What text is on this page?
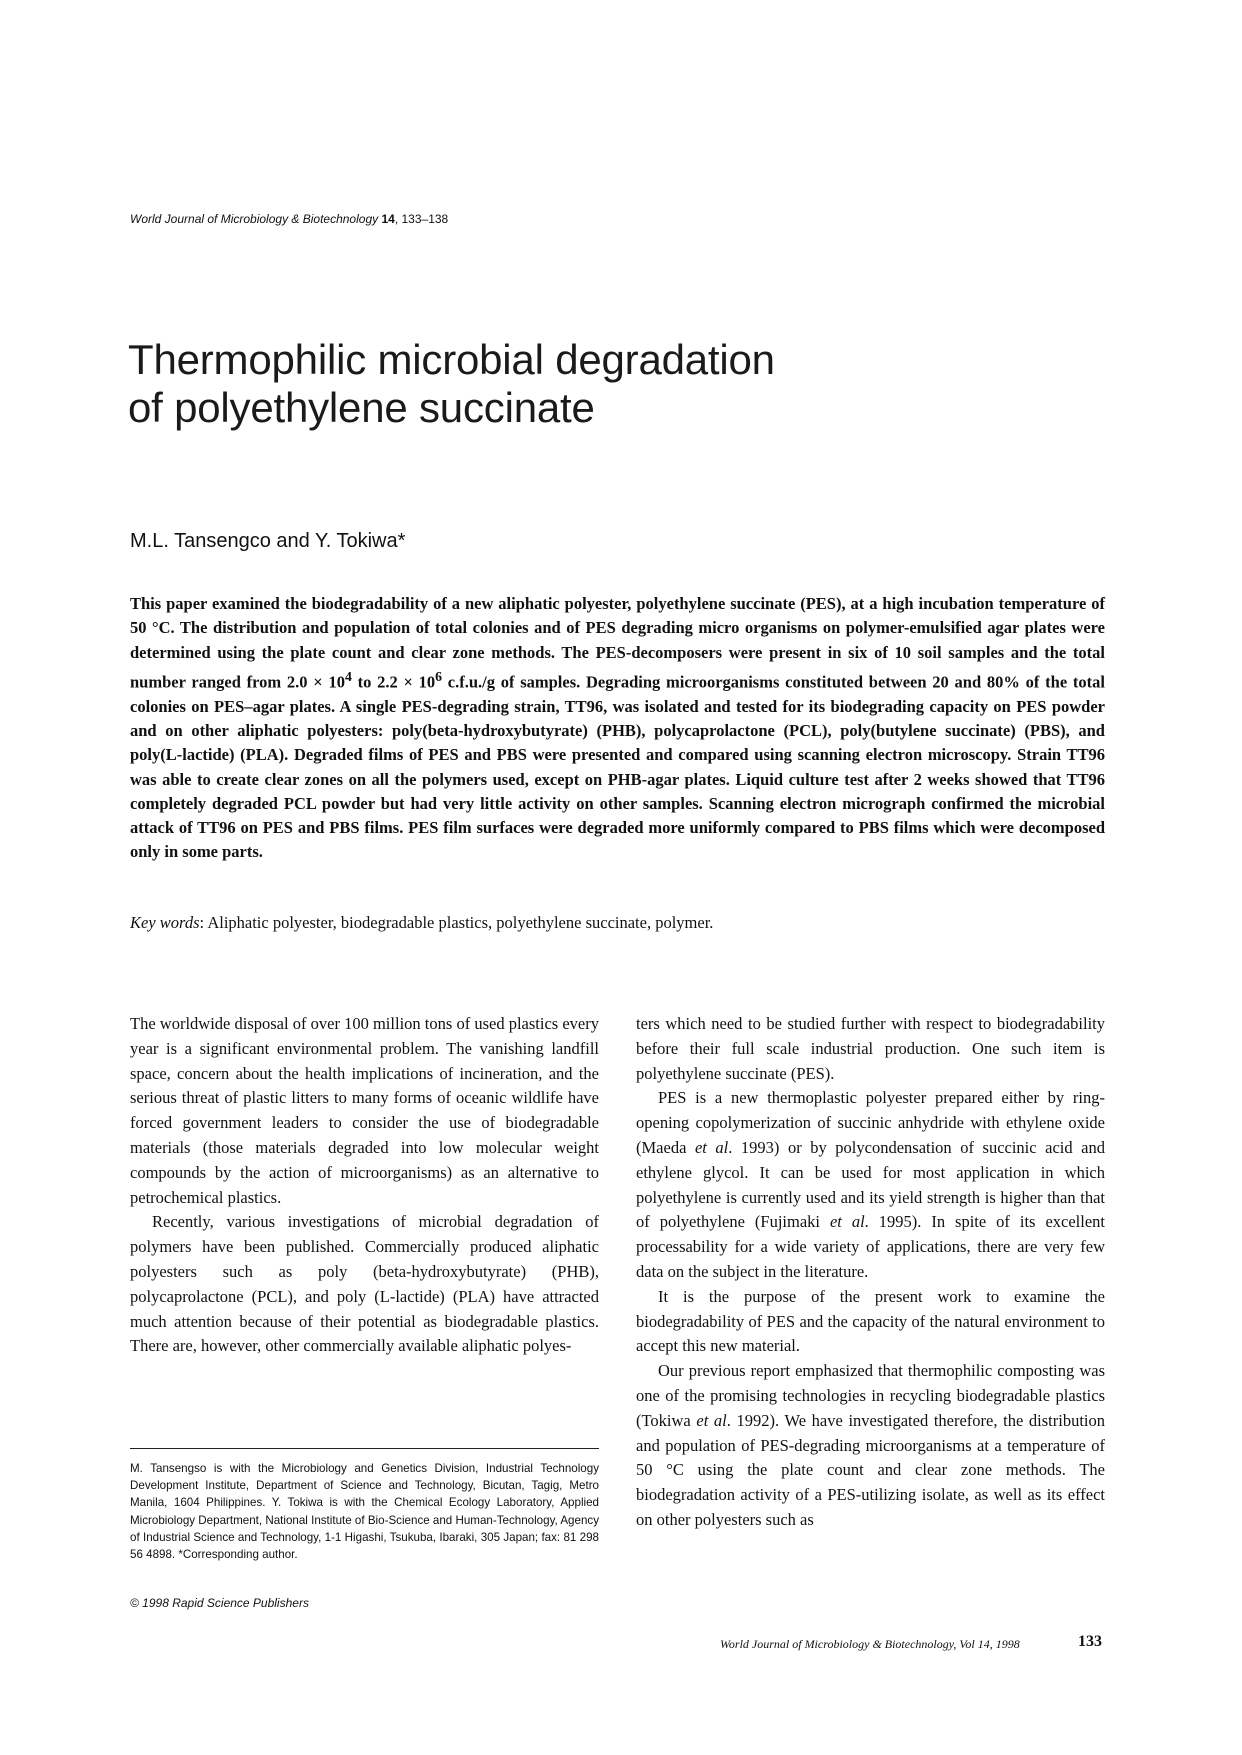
World Journal of Microbiology & Biotechnology 14, 133–138
Thermophilic microbial degradation
of polyethylene succinate
M.L. Tansengco and Y. Tokiwa*

This paper examined the biodegradability of a new aliphatic polyester, polyethylene succinate (PES), at a high incubation temperature of 50 °C. The distribution and population of total colonies and of PES degrading micro organisms on polymer-emulsified agar plates were determined using the plate count and clear zone methods. The PES-decomposers were present in six of 10 soil samples and the total number ranged from $2.0 \times 10^4$ to $2.2 \times 10^6$ c.f.u./g of samples. Degrading microorganisms constituted between 20 and 80% of the total colonies on PES–agar plates. A single PES-degrading strain, TT96, was isolated and tested for its biodegrading capacity on PES powder and on other aliphatic polyesters: poly(beta-hydroxybutyrate) (PHB), polycaprolactone (PCL), poly(butylene succinate) (PBS), and poly(L-lactide) (PLA). Degraded films of PES and PBS were presented and compared using scanning electron microscopy. Strain TT96 was able to create clear zones on all the polymers used, except on PHB-agar plates. Liquid culture test after 2 weeks showed that TT96 completely degraded PCL powder but had very little activity on other samples. Scanning electron micrograph confirmed the microbial attack of TT96 on PES and PBS films. PES film surfaces were degraded more uniformly compared to PBS films which were decomposed only in some parts.

Key words: Aliphatic polyester, biodegradable plastics, polyethylene succinate, polymer.

The worldwide disposal of over 100 million tons of used plastics every year is a significant environmental problem. The vanishing landfill space, concern about the health implications of incineration, and the serious threat of plastic litters to many forms of oceanic wildlife have forced government leaders to consider the use of biodegradable materials (those materials degraded into low molecular weight compounds by the action of microorganisms) as an alternative to petrochemical plastics.

Recently, various investigations of microbial degradation of polymers have been published. Commercially produced aliphatic polyesters such as poly (beta-hydroxybutyrate) (PHB), polycaprolactone (PCL), and poly (L-lactide) (PLA) have attracted much attention because of their potential as biodegradable plastics. There are, however, other commercially available aliphatic polyes-

ters which need to be studied further with respect to biodegradability before their full scale industrial production. One such item is polyethylene succinate (PES).

PES is a new thermoplastic polyester prepared either by ring-opening copolymerization of succinic anhydride with ethylene oxide (Maeda et al. 1993) or by polycondensation of succinic acid and ethylene glycol. It can be used for most application in which polyethylene is currently used and its yield strength is higher than that of polyethylene (Fujimaki et al. 1995). In spite of its excellent processability for a wide variety of applications, there are very few data on the subject in the literature.

It is the purpose of the present work to examine the biodegradability of PES and the capacity of the natural environment to accept this new material.

Our previous report emphasized that thermophilic composting was one of the promising technologies in recycling biodegradable plastics (Tokiwa et al. 1992). We have investigated therefore, the distribution and population of PES-degrading microorganisms at a temperature of 50 °C using the plate count and clear zone methods. The biodegradation activity of a PES-utilizing isolate, as well as its effect on other polyesters such as

M. Tansengso is with the Microbiology and Genetics Division, Industrial Technology Development Institute, Department of Science and Technology, Bicutan, Tagig, Metro Manila, 1604 Philippines. Y. Tokiwa is with the Chemical Ecology Laboratory, Applied Microbiology Department, National Institute of Bio-Science and Human-Technology, Agency of Industrial Science and Technology, 1-1 Higashi, Tsukuba, Ibaraki, 305 Japan; fax: 81 298 56 4898. *Corresponding author.
© 1998 Rapid Science Publishers
World Journal of Microbiology & Biotechnology, Vol 14, 1998	133
